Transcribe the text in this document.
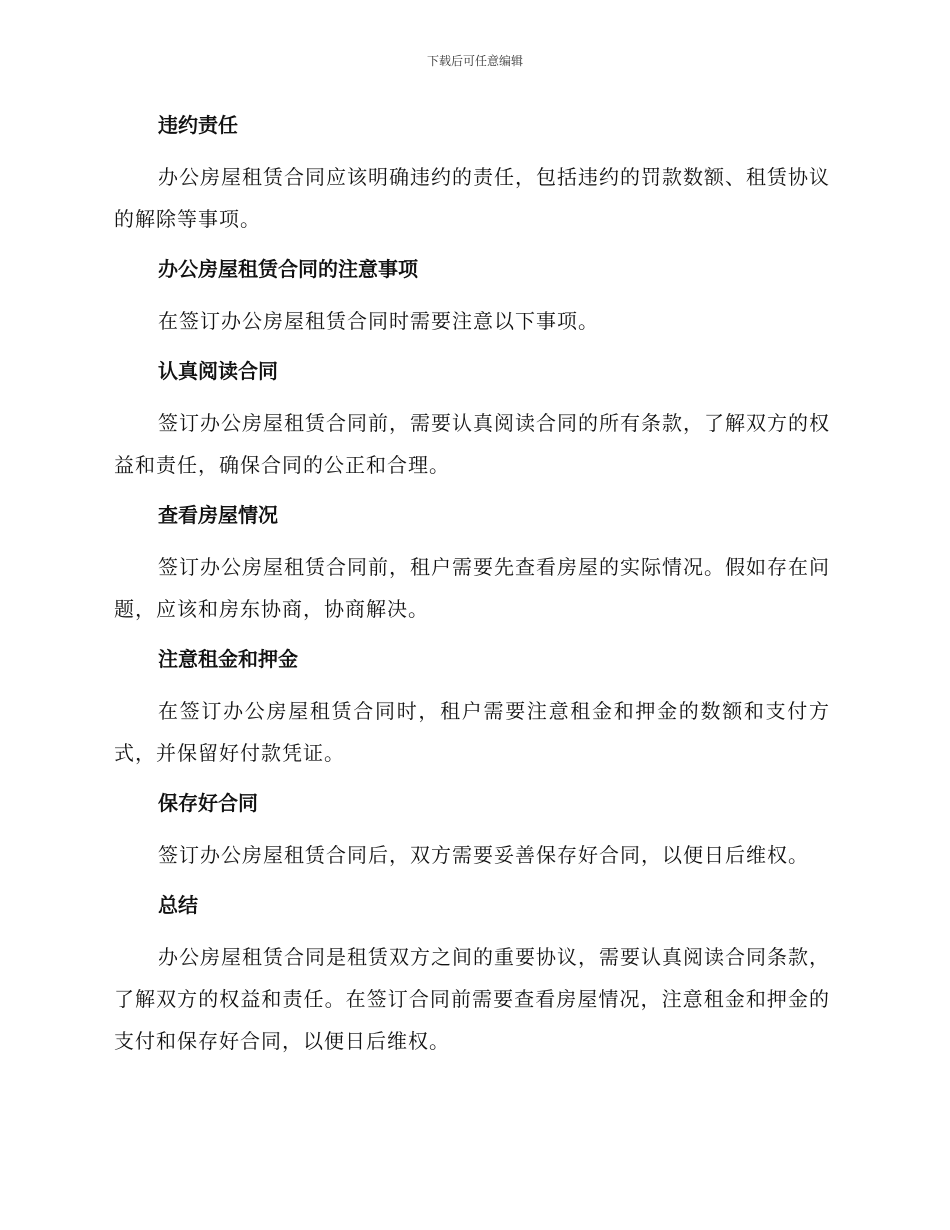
下载后可任意编辑
违约责任

办公房屋租赁合同应该明确违约的责任，包括违约的罚款数额、租赁协议的解除等事项。

办公房屋租赁合同的注意事项

在签订办公房屋租赁合同时需要注意以下事项。

认真阅读合同

签订办公房屋租赁合同前，需要认真阅读合同的所有条款，了解双方的权益和责任，确保合同的公正和合理。

查看房屋情况

签订办公房屋租赁合同前，租户需要先查看房屋的实际情况。假如存在问题，应该和房东协商，协商解决。

注意租金和押金

在签订办公房屋租赁合同时，租户需要注意租金和押金的数额和支付方式，并保留好付款凭证。

保存好合同

签订办公房屋租赁合同后，双方需要妥善保存好合同，以便日后维权。

总结

办公房屋租赁合同是租赁双方之间的重要协议，需要认真阅读合同条款，了解双方的权益和责任。在签订合同前需要查看房屋情况，注意租金和押金的支付和保存好合同，以便日后维权。
